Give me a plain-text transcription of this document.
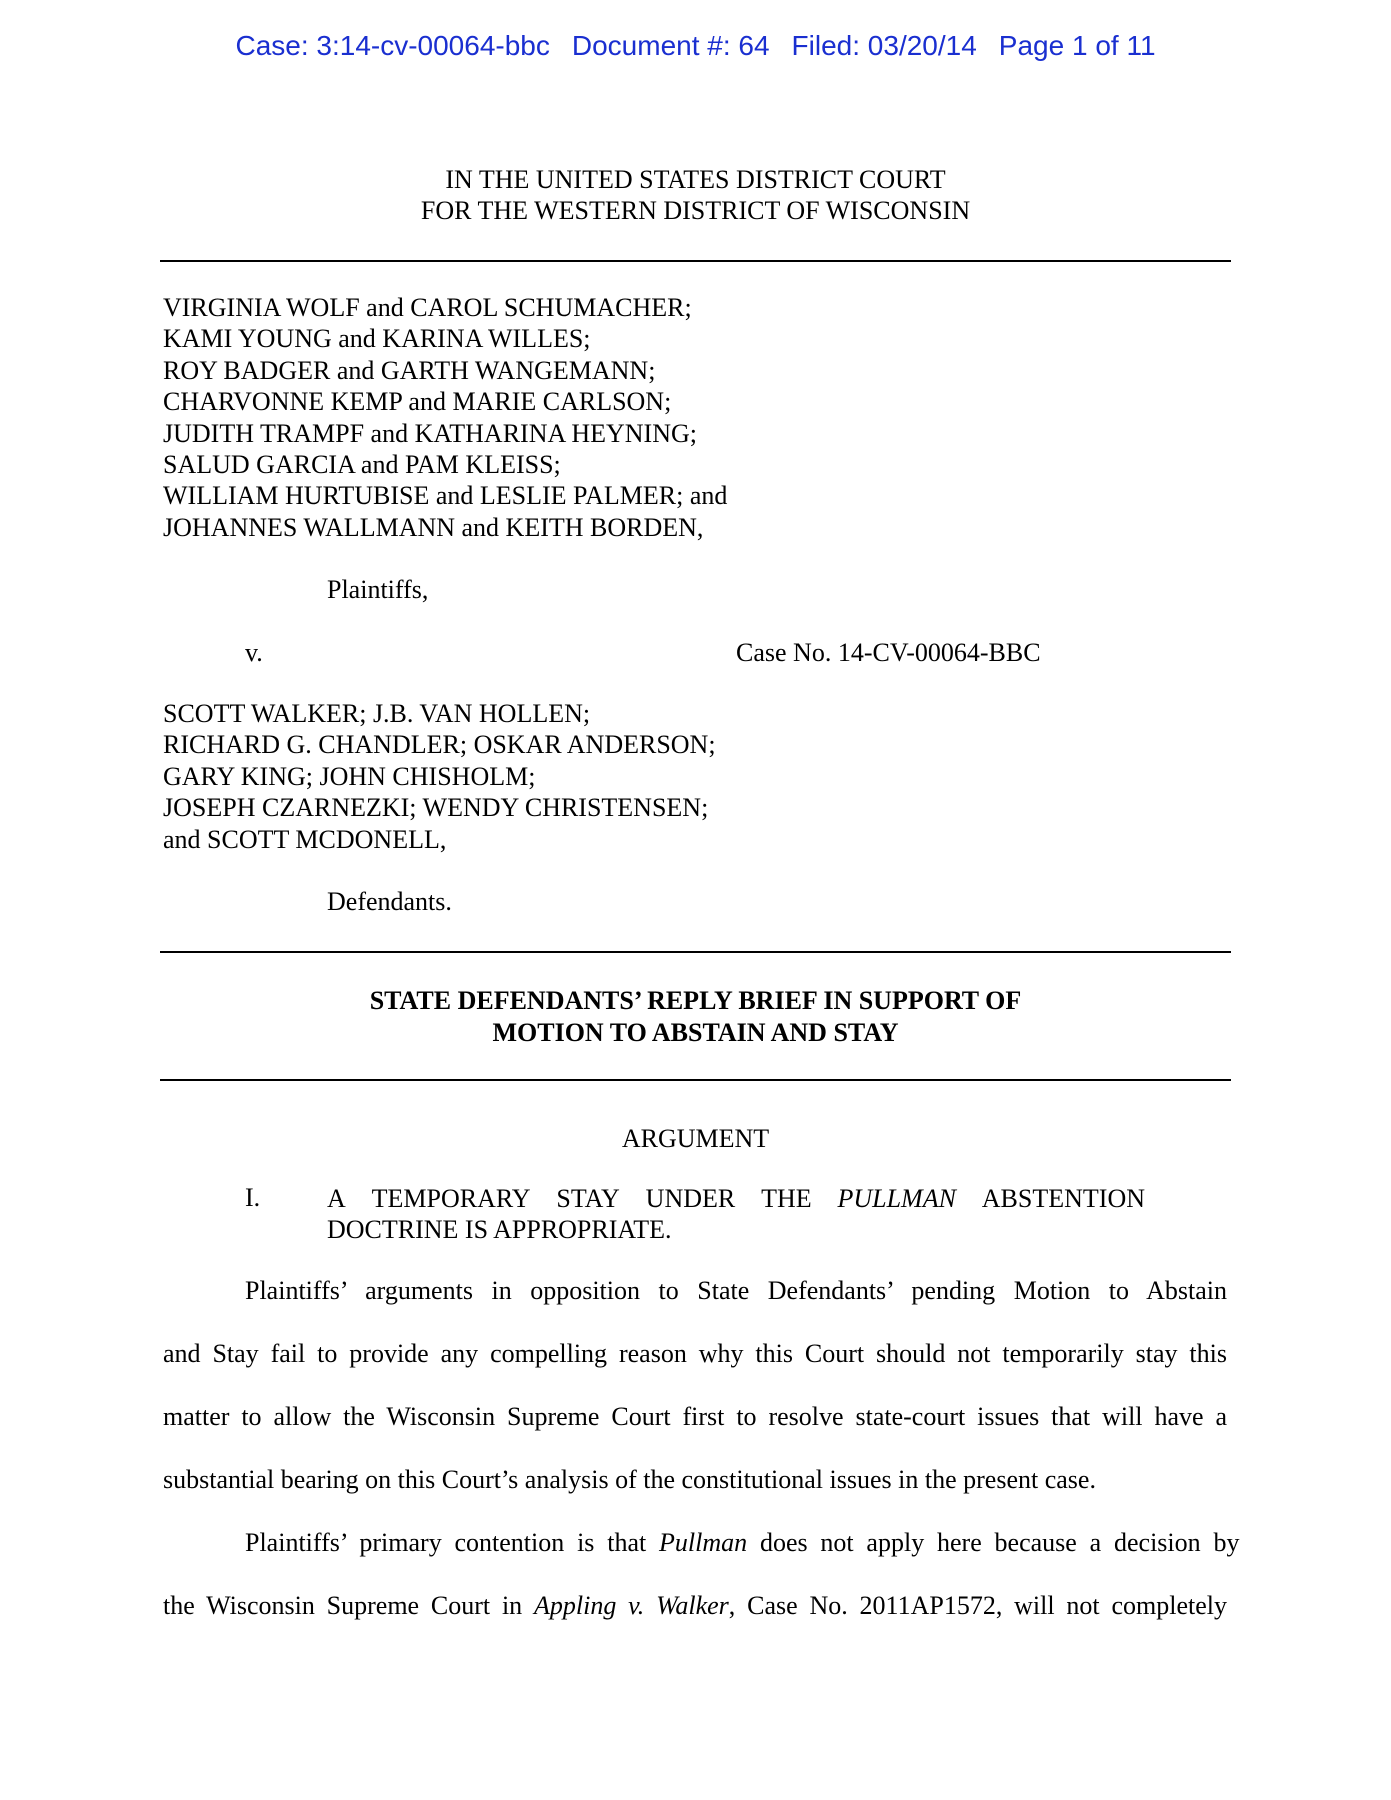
Case: 3:14-cv-00064-bbc Document #: 64 Filed: 03/20/14 Page 1 of 11
IN THE UNITED STATES DISTRICT COURT
FOR THE WESTERN DISTRICT OF WISCONSIN
VIRGINIA WOLF and CAROL SCHUMACHER;
KAMI YOUNG and KARINA WILLES;
ROY BADGER and GARTH WANGEMANN;
CHARVONNE KEMP and MARIE CARLSON;
JUDITH TRAMPF and KATHARINA HEYNING;
SALUD GARCIA and PAM KLEISS;
WILLIAM HURTUBISE and LESLIE PALMER; and
JOHANNES WALLMANN and KEITH BORDEN,
Plaintiffs,
v.	Case No. 14-CV-00064-BBC
SCOTT WALKER; J.B. VAN HOLLEN;
RICHARD G. CHANDLER; OSKAR ANDERSON;
GARY KING; JOHN CHISHOLM;
JOSEPH CZARNEZKI; WENDY CHRISTENSEN;
and SCOTT MCDONELL,
Defendants.
STATE DEFENDANTS’ REPLY BRIEF IN SUPPORT OF
MOTION TO ABSTAIN AND STAY
ARGUMENT
I.	A TEMPORARY STAY UNDER THE PULLMAN ABSTENTION
DOCTRINE IS APPROPRIATE.
Plaintiffs’ arguments in opposition to State Defendants’ pending Motion to Abstain
and Stay fail to provide any compelling reason why this Court should not temporarily stay this
matter to allow the Wisconsin Supreme Court first to resolve state-court issues that will have a
substantial bearing on this Court’s analysis of the constitutional issues in the present case.
Plaintiffs’ primary contention is that Pullman does not apply here because a decision by
the Wisconsin Supreme Court in Appling v. Walker, Case No. 2011AP1572, will not completely
